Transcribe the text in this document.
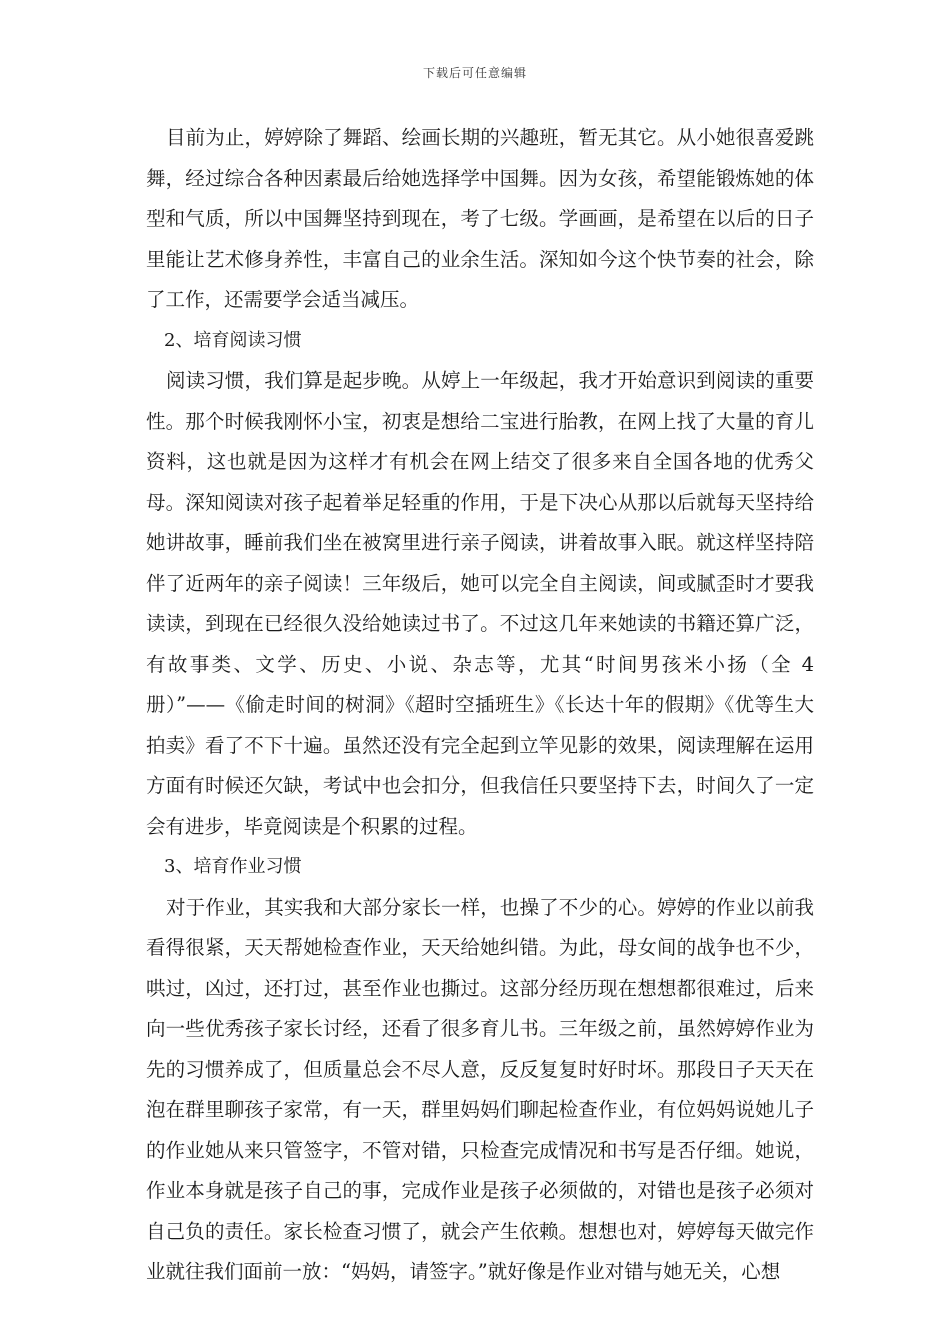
下载后可任意编辑

目前为止，婷婷除了舞蹈、绘画长期的兴趣班，暂无其它。从小她很喜爱跳舞，经过综合各种因素最后给她选择学中国舞。因为女孩，希望能锻炼她的体型和气质，所以中国舞坚持到现在，考了七级。学画画，是希望在以后的日子里能让艺术修身养性，丰富自己的业余生活。深知如今这个快节奏的社会，除了工作，还需要学会适当减压。

2、培育阅读习惯

阅读习惯，我们算是起步晚。从婷上一年级起，我才开始意识到阅读的重要性。那个时候我刚怀小宝，初衷是想给二宝进行胎教，在网上找了大量的育儿资料，这也就是因为这样才有机会在网上结交了很多来自全国各地的优秀父母。深知阅读对孩子起着举足轻重的作用，于是下决心从那以后就每天坚持给她讲故事，睡前我们坐在被窝里进行亲子阅读，讲着故事入眠。就这样坚持陪伴了近两年的亲子阅读！三年级后，她可以完全自主阅读，间或腻歪时才要我读读，到现在已经很久没给她读过书了。不过这几年来她读的书籍还算广泛，有故事类、文学、历史、小说、杂志等，尤其“时间男孩米小扬（全 4 册）”——《偷走时间的树洞》《超时空插班生》《长达十年的假期》《优等生大拍卖》看了不下十遍。虽然还没有完全起到立竿见影的效果，阅读理解在运用方面有时候还欠缺，考试中也会扣分，但我信任只要坚持下去，时间久了一定会有进步，毕竟阅读是个积累的过程。

3、培育作业习惯

对于作业，其实我和大部分家长一样，也操了不少的心。婷婷的作业以前我看得很紧，天天帮她检查作业，天天给她纠错。为此，母女间的战争也不少，哄过，凶过，还打过，甚至作业也撕过。这部分经历现在想想都很难过，后来向一些优秀孩子家长讨经，还看了很多育儿书。三年级之前，虽然婷婷作业为先的习惯养成了，但质量总会不尽人意，反反复复时好时坏。那段日子天天在泡在群里聊孩子家常，有一天，群里妈妈们聊起检查作业，有位妈妈说她儿子的作业她从来只管签字，不管对错，只检查完成情况和书写是否仔细。她说，作业本身就是孩子自己的事，完成作业是孩子必须做的，对错也是孩子必须对自己负的责任。家长检查习惯了，就会产生依赖。想想也对，婷婷每天做完作业就往我们面前一放：“妈妈，请签字。”就好像是作业对错与她无关，心想
